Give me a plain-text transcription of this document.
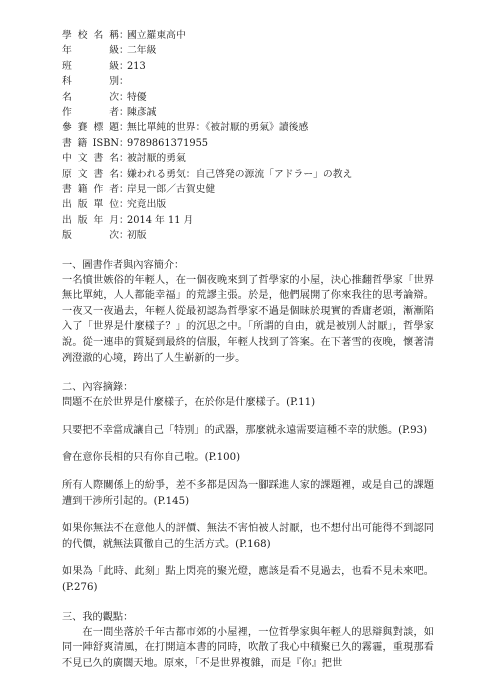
學校名稱 ：
國立羅東高中
年級 ：
二年級
班級 ：
213
科別 ：
名次 ：
特優
作者 ：
陳彥誠
參賽標題 ：
無比單純的世界：《被討厭的勇氣》讀後感
書籍ISBN ：
9789861371955
中文書名 ：
被討厭的勇氣
原文書名 ：
嫌われる勇気：自己啓発の源流「アドラー」の教え
書籍作者 ：
岸見一郎／古賀史健
出版單位 ：
究竟出版
出版年月 ：
2014 年 11 月
版次 ：
初版

一、圖書作者與內容簡介：

一名憤世嫉俗的年輕人，在一個夜晚來到了哲學家的小屋，決心推翻哲學家「世界無比單純，人人都能幸福」的荒謬主張。於是，他們展開了你來我往的思考論辯。一夜又一夜過去，年輕人從最初認為哲學家不過是個昧於現實的香庸老頭，漸漸陷入了「世界是什麼樣子？」的沉思之中。「所謂的自由，就是被別人討厭」，哲學家說。從一連串的質疑到最終的信服，年輕人找到了答案。在下著雪的夜晚，懷著清冽澄澈的心境，跨出了人生嶄新的一步。

二、內容摘錄：

問題不在於世界是什麼樣子，在於你是什麼樣子。(P.11)

只要把不幸當成讓自己「特別」的武器，那麼就永遠需要這種不幸的狀態。(P.93)

會在意你長相的只有你自己啦。(P.100)

所有人際關係上的紛爭，差不多都是因為一腳踩進人家的課題裡，或是自己的課題遭到干涉所引起的。(P.145)

如果你無法不在意他人的評價、無法不害怕被人討厭，也不想付出可能得不到認同的代價，就無法貫徹自己的生活方式。(P.168)

如果為「此時、此刻」點上閃亮的聚光燈，應該是看不見過去，也看不見未來吧。(P.276)

三、我的觀點：

在一間坐落於千年古都市郊的小屋裡，一位哲學家與年輕人的思辯與對談，如同一陣舒爽清風，在打開這本書的同時，吹散了我心中積聚已久的霧霾，重現那看不見已久的廣闊天地。原來，「不是世界複雜，而是『你』把世
